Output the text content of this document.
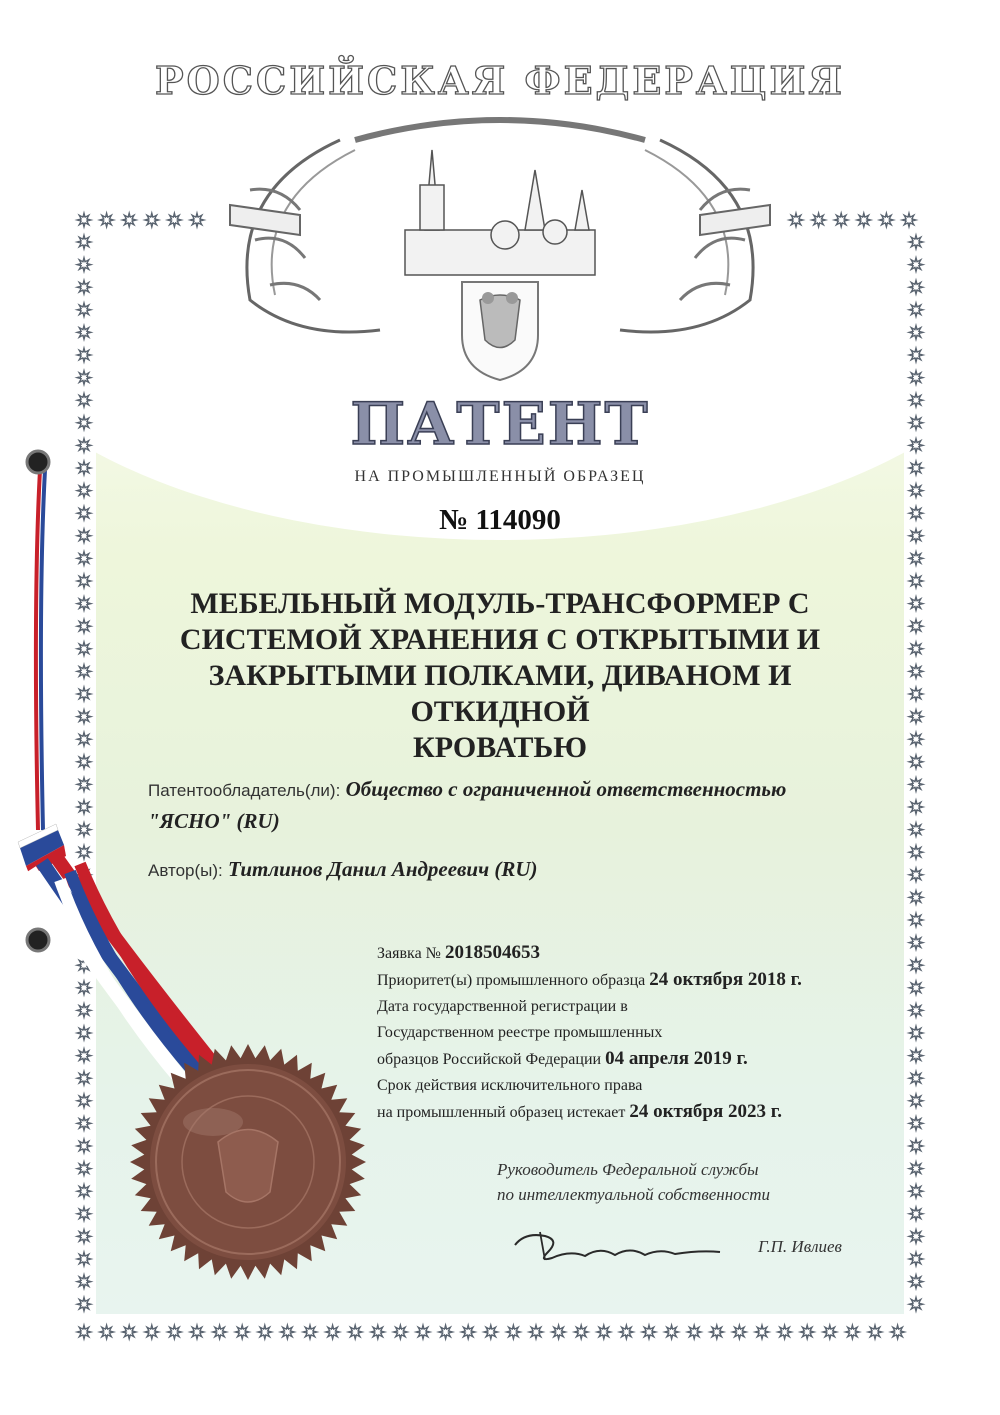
РОССИЙСКАЯ ФЕДЕРАЦИЯ
ПАТЕНТ
НА ПРОМЫШЛЕННЫЙ ОБРАЗЕЦ
№ 114090
МЕБЕЛЬНЫЙ МОДУЛЬ-ТРАНСФОРМЕР С
СИСТЕМОЙ ХРАНЕНИЯ С ОТКРЫТЫМИ И
ЗАКРЫТЫМИ ПОЛКАМИ, ДИВАНОМ И ОТКИДНОЙ
КРОВАТЬЮ
Патентообладатель(ли): Общество с ограниченной ответственностью
"ЯСНО" (RU)
Автор(ы): Титлинов Данил Андреевич (RU)
Заявка № 2018504653
Приоритет(ы) промышленного образца 24 октября 2018 г.
Дата государственной регистрации в
Государственном реестре промышленных
образцов Российской Федерации 04 апреля 2019 г.
Срок действия исключительного права
на промышленный образец истекает 24 октября 2023 г.
Руководитель Федеральной службы
по интеллектуальной собственности
Г.П. Ивлиев
